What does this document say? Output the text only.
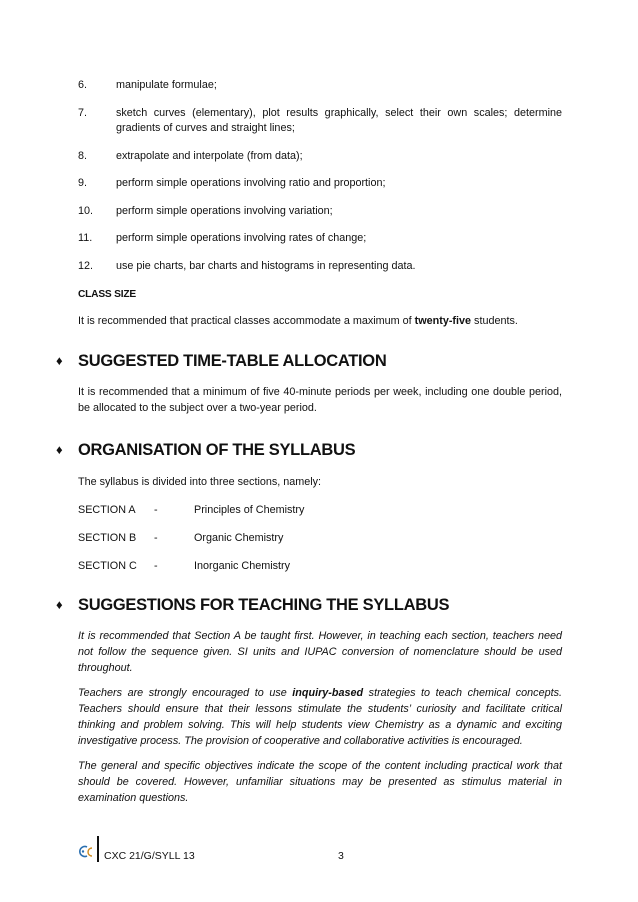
6.	manipulate formulae;
7.	sketch curves (elementary), plot results graphically, select their own scales; determine gradients of curves and straight lines;
8.	extrapolate and interpolate (from data);
9.	perform simple operations involving ratio and proportion;
10.	perform simple operations involving variation;
11.	perform simple operations involving rates of change;
12.	use pie charts, bar charts and histograms in representing data.
CLASS SIZE
It is recommended that practical classes accommodate a maximum of twenty-five students.
♦ SUGGESTED TIME-TABLE ALLOCATION
It is recommended that a minimum of five 40-minute periods per week, including one double period, be allocated to the subject over a two-year period.
♦ ORGANISATION OF THE SYLLABUS
The syllabus is divided into three sections, namely:
SECTION A	-	Principles of Chemistry
SECTION B	-	Organic Chemistry
SECTION C	-	Inorganic Chemistry
♦ SUGGESTIONS FOR TEACHING THE SYLLABUS
It is recommended that Section A be taught first. However, in teaching each section, teachers need not follow the sequence given. SI units and IUPAC conversion of nomenclature should be used throughout.
Teachers are strongly encouraged to use inquiry-based strategies to teach chemical concepts. Teachers should ensure that their lessons stimulate the students’ curiosity and facilitate critical thinking and problem solving. This will help students view Chemistry as a dynamic and exciting investigative process. The provision of cooperative and collaborative activities is encouraged.
The general and specific objectives indicate the scope of the content including practical work that should be covered. However, unfamiliar situations may be presented as stimulus material in examination questions.
CXC 21/G/SYLL 13	3
